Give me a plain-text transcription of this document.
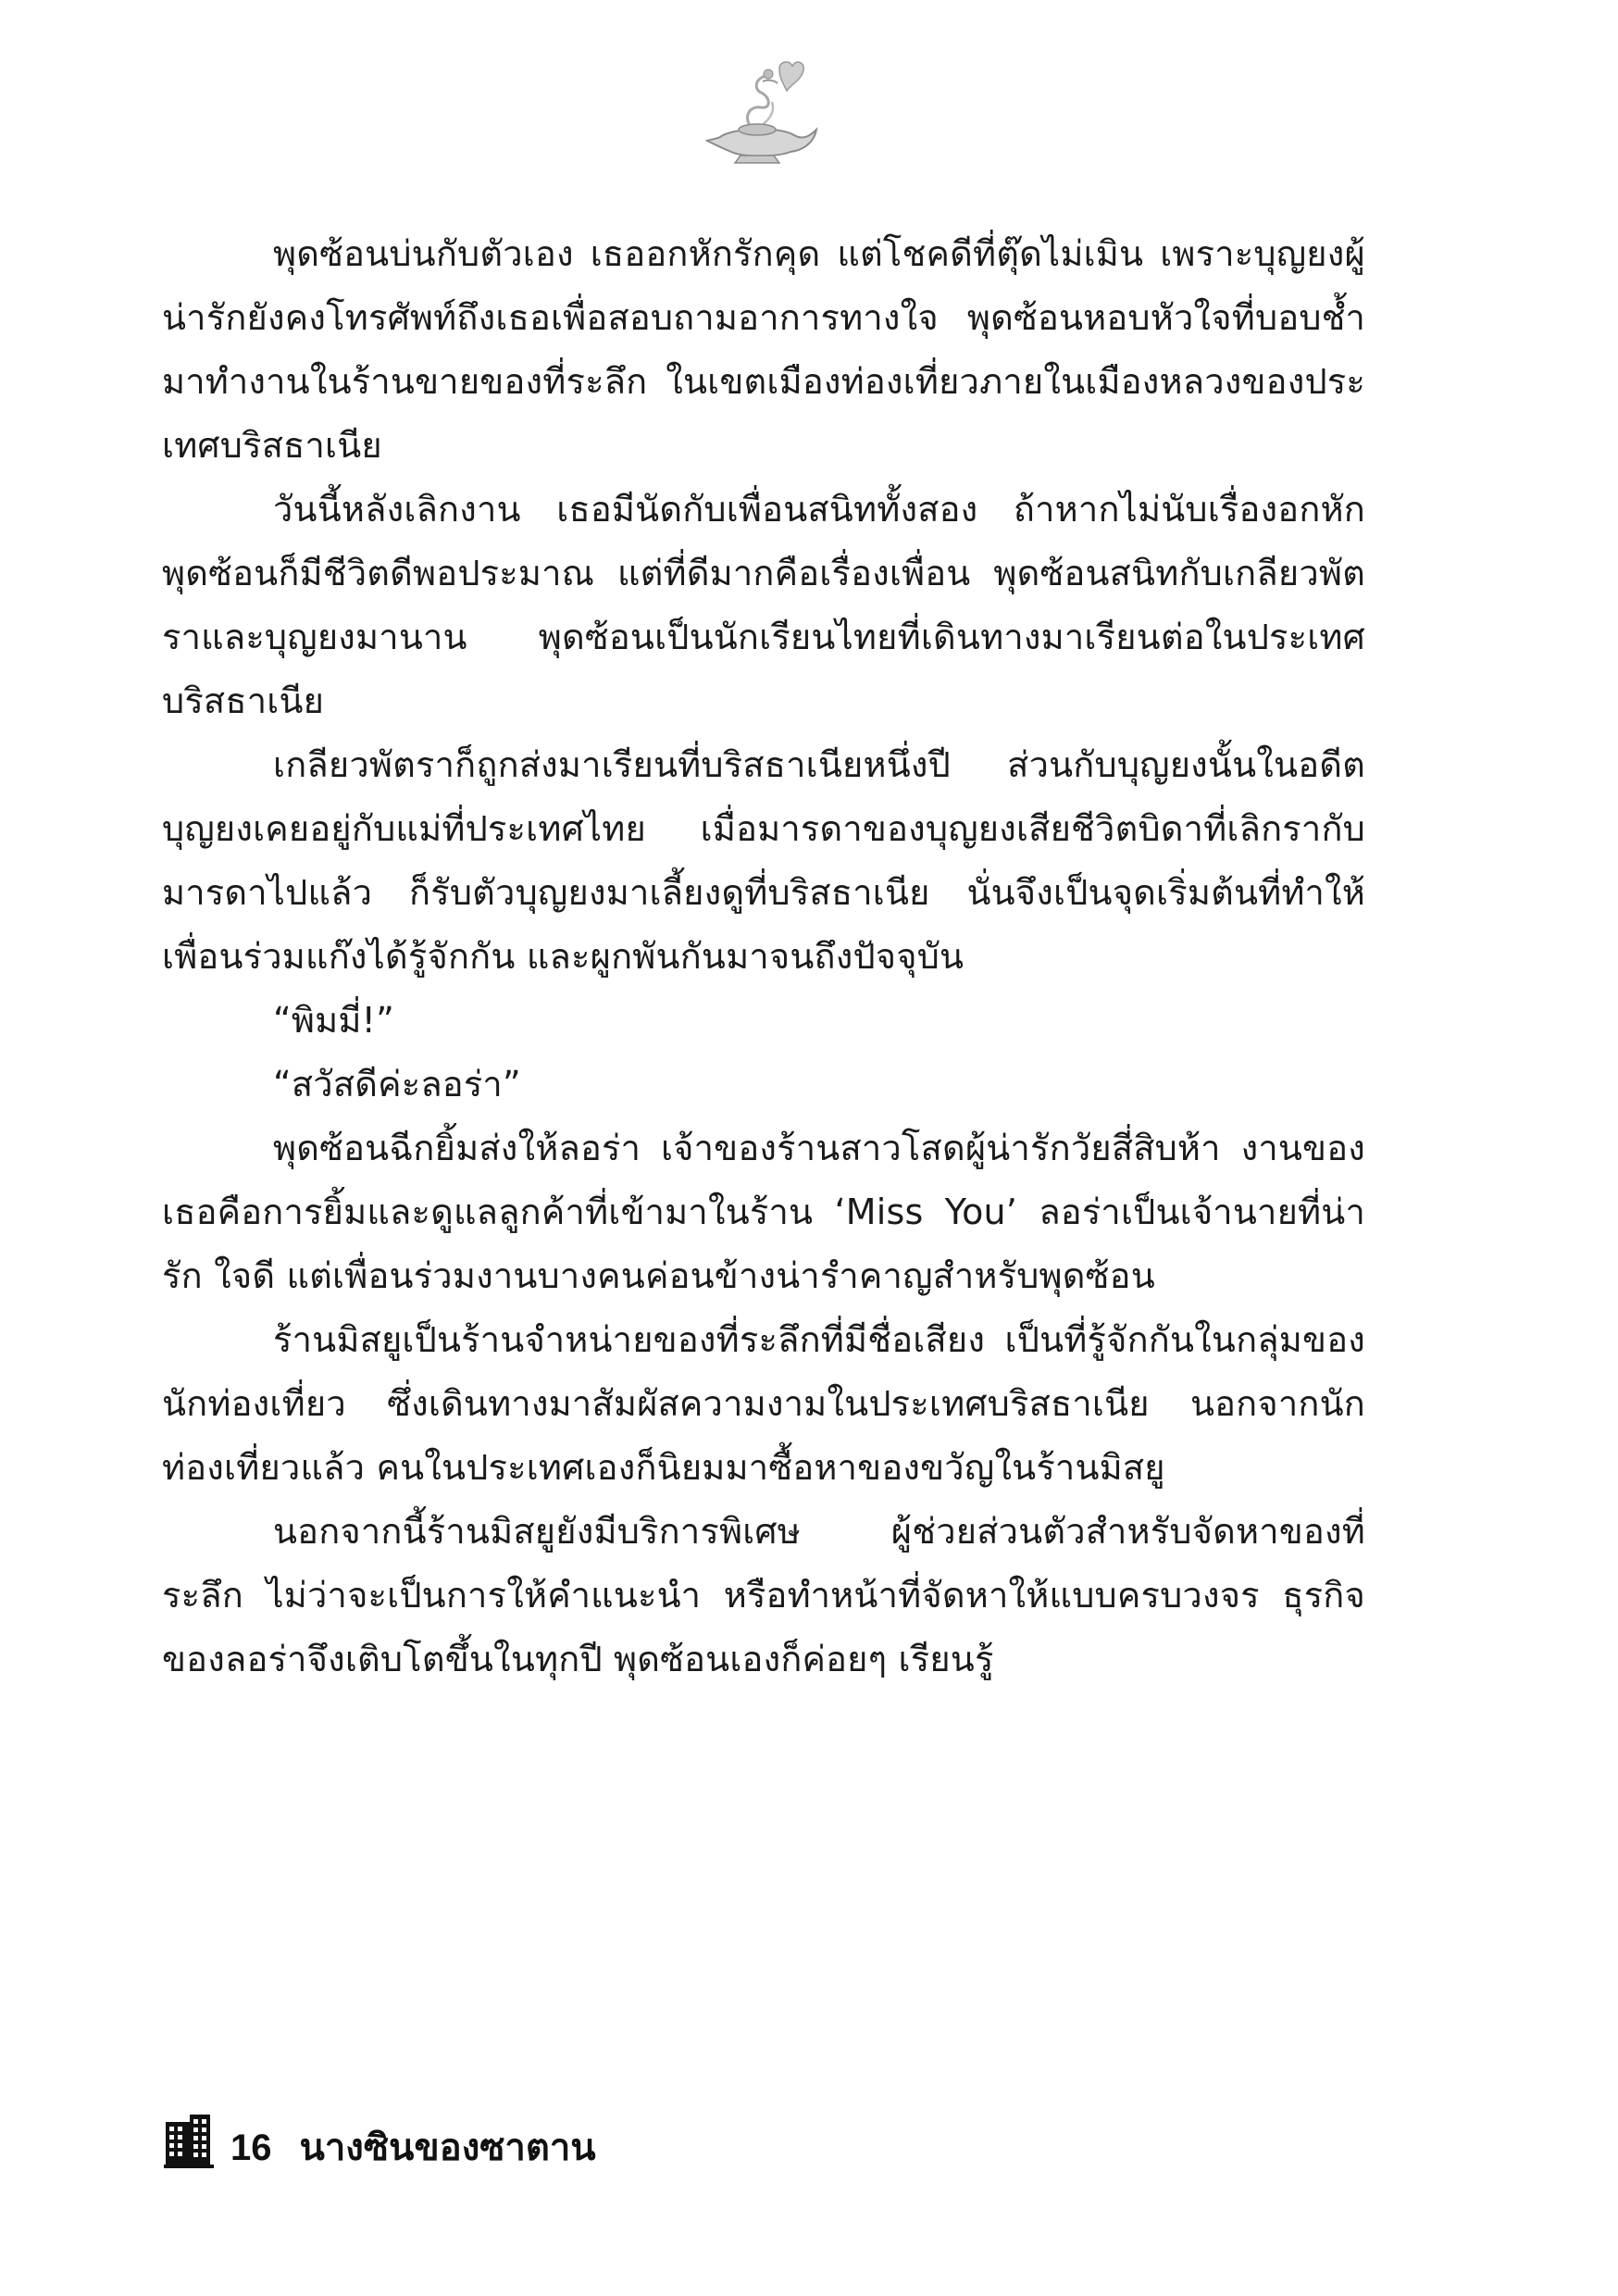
พุดซ้อนบ่นกับตัวเอง เธออกหักรักคุด แต่โชคดีที่ตุ๊ดไม่เมิน เพราะบุญยงผู้น่ารักยังคงโทรศัพท์ถึงเธอเพื่อสอบถามอาการทางใจ พุดซ้อนหอบหัวใจที่บอบช้ำมาทำงานในร้านขายของที่ระลึก ในเขตเมืองท่องเที่ยวภายในเมืองหลวงของประเทศบริสธาเนีย

วันนี้หลังเลิกงาน เธอมีนัดกับเพื่อนสนิททั้งสอง ถ้าหากไม่นับเรื่องอกหัก พุดซ้อนก็มีชีวิตดีพอประมาณ แต่ที่ดีมากคือเรื่องเพื่อน พุดซ้อนสนิทกับเกลียวพัตราและบุญยงมานาน พุดซ้อนเป็นนักเรียนไทยที่เดินทางมาเรียนต่อในประเทศบริสธาเนีย

เกลียวพัตราก็ถูกส่งมาเรียนที่บริสธาเนียหนึ่งปี ส่วนกับบุญยงนั้นในอดีตบุญยงเคยอยู่กับแม่ที่ประเทศไทย เมื่อมารดาของบุญยงเสียชีวิตบิดาที่เลิกรากับมารดาไปแล้ว ก็รับตัวบุญยงมาเลี้ยงดูที่บริสธาเนีย นั่นจึงเป็นจุดเริ่มต้นที่ทำให้เพื่อนร่วมแก๊งได้รู้จักกัน และผูกพันกันมาจนถึงปัจจุบัน

“พิมมี่!”

“สวัสดีค่ะลอร่า”

พุดซ้อนฉีกยิ้มส่งให้ลอร่า เจ้าของร้านสาวโสดผู้น่ารักวัยสี่สิบห้า งานของเธอคือการยิ้มและดูแลลูกค้าที่เข้ามาในร้าน ‘Miss You’ ลอร่าเป็นเจ้านายที่น่ารัก ใจดี แต่เพื่อนร่วมงานบางคนค่อนข้างน่ารำคาญสำหรับพุดซ้อน

ร้านมิสยูเป็นร้านจำหน่ายของที่ระลึกที่มีชื่อเสียง เป็นที่รู้จักกันในกลุ่มของนักท่องเที่ยว ซึ่งเดินทางมาสัมผัสความงามในประเทศบริสธาเนีย นอกจากนักท่องเที่ยวแล้ว คนในประเทศเองก็นิยมมาซื้อหาของขวัญในร้านมิสยู

นอกจากนี้ร้านมิสยูยังมีบริการพิเศษ ผู้ช่วยส่วนตัวสำหรับจัดหาของที่ระลึก ไม่ว่าจะเป็นการให้คำแนะนำ หรือทำหน้าที่จัดหาให้แบบครบวงจร ธุรกิจของลอร่าจึงเติบโตขึ้นในทุกปี พุดซ้อนเองก็ค่อยๆ เรียนรู้

16 นางซินของซาตาน
